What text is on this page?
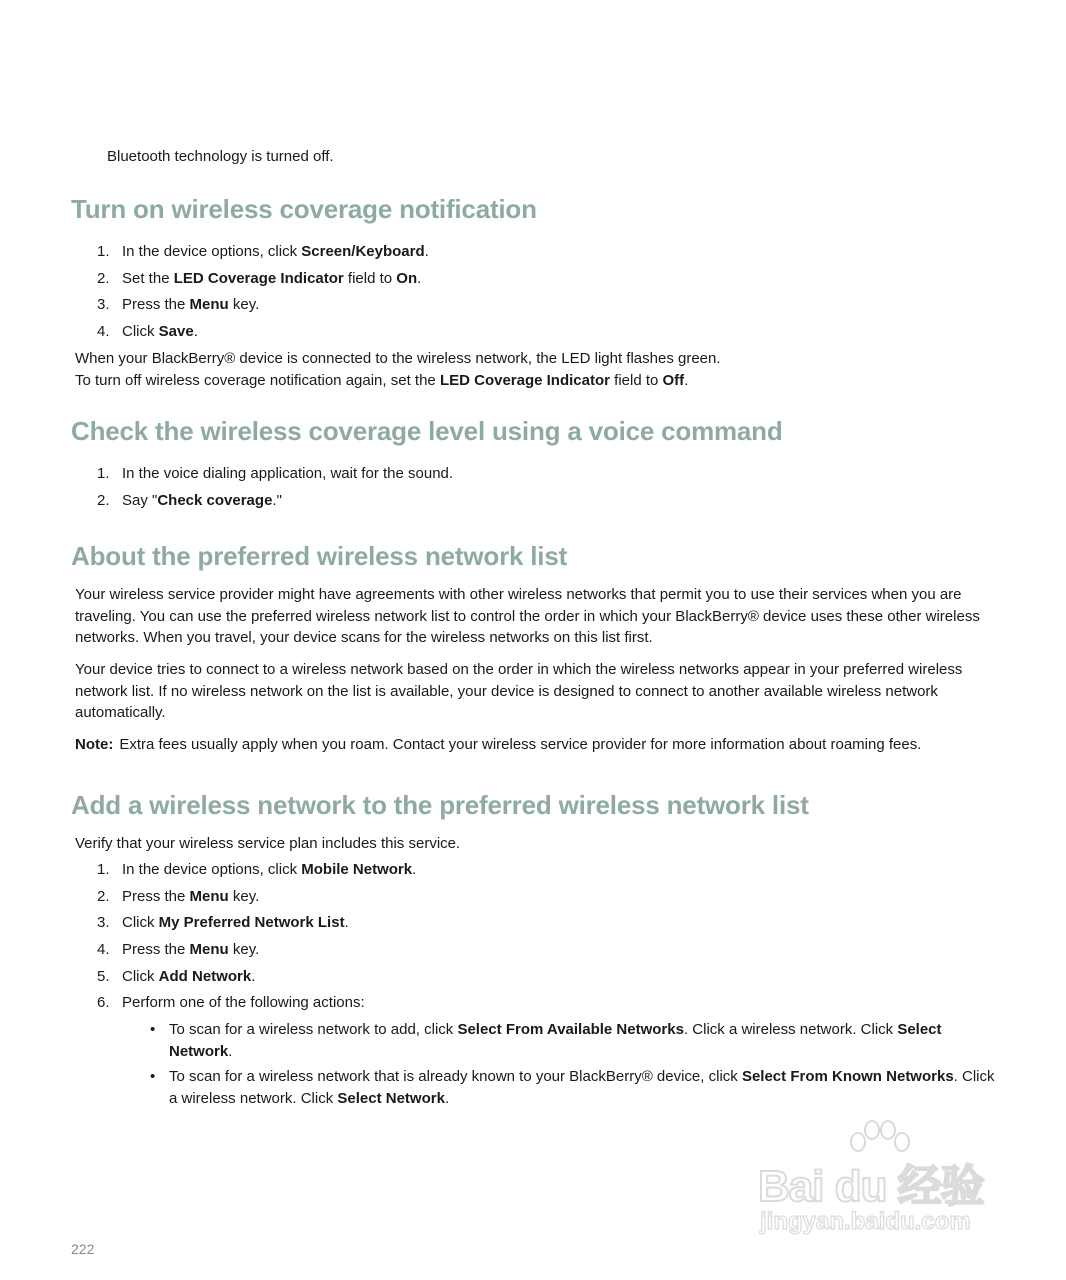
Bluetooth technology is turned off.
Turn on wireless coverage notification
1. In the device options, click Screen/Keyboard.
2. Set the LED Coverage Indicator field to On.
3. Press the Menu key.
4. Click Save.
When your BlackBerry® device is connected to the wireless network, the LED light flashes green.
To turn off wireless coverage notification again, set the LED Coverage Indicator field to Off.
Check the wireless coverage level using a voice command
1. In the voice dialing application, wait for the sound.
2. Say "Check coverage."
About the preferred wireless network list
Your wireless service provider might have agreements with other wireless networks that permit you to use their services when you are traveling. You can use the preferred wireless network list to control the order in which your BlackBerry® device uses these other wireless networks. When you travel, your device scans for the wireless networks on this list first.
Your device tries to connect to a wireless network based on the order in which the wireless networks appear in your preferred wireless network list. If no wireless network on the list is available, your device is designed to connect to another available wireless network automatically.
Note: Extra fees usually apply when you roam. Contact your wireless service provider for more information about roaming fees.
Add a wireless network to the preferred wireless network list
Verify that your wireless service plan includes this service.
1. In the device options, click Mobile Network.
2. Press the Menu key.
3. Click My Preferred Network List.
4. Press the Menu key.
5. Click Add Network.
6. Perform one of the following actions:
• To scan for a wireless network to add, click Select From Available Networks. Click a wireless network. Click Select Network.
• To scan for a wireless network that is already known to your BlackBerry® device, click Select From Known Networks. Click a wireless network. Click Select Network.
222
Bai du 经验
jingyan.baidu.com
